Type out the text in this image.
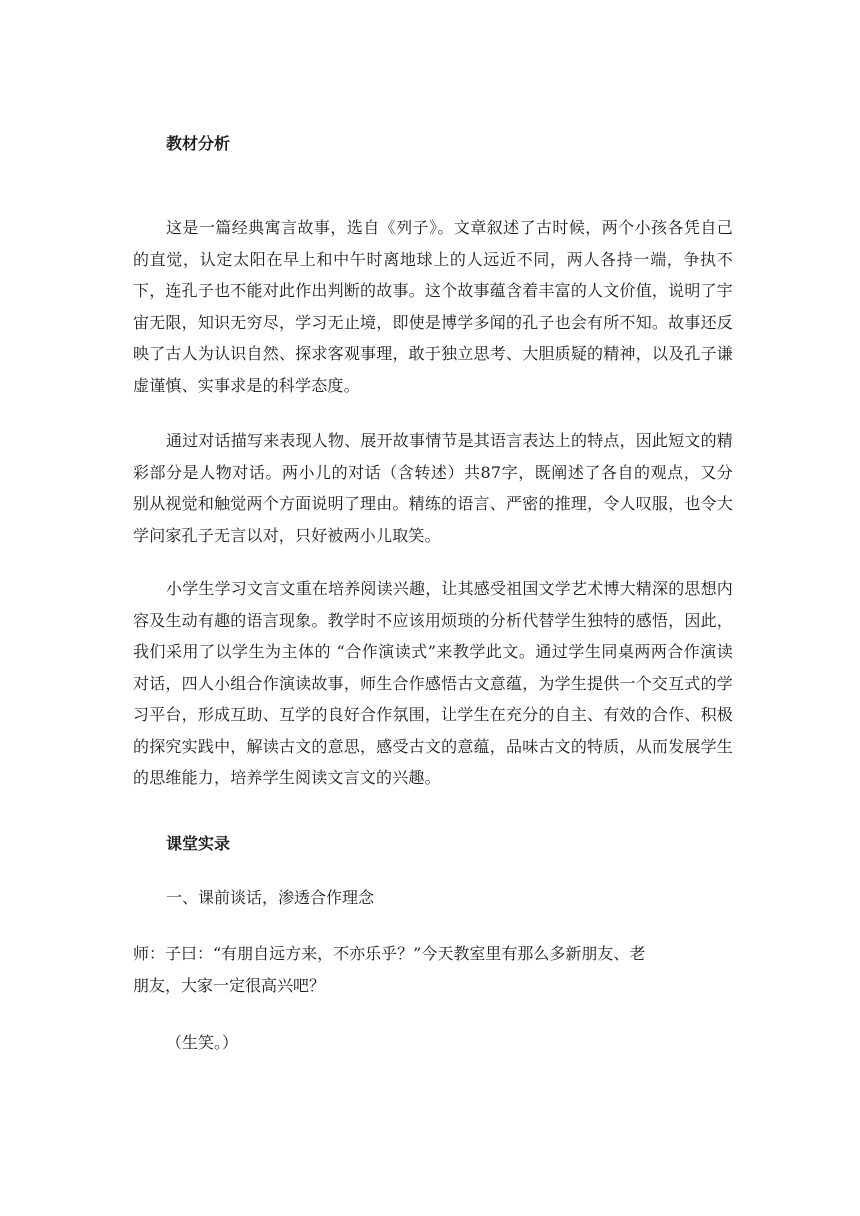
教材分析
这是一篇经典寓言故事，选自《列子》。文章叙述了古时候，两个小孩各凭自己的直觉，认定太阳在早上和中午时离地球上的人远近不同，两人各持一端，争执不下，连孔子也不能对此作出判断的故事。这个故事蕴含着丰富的人文价值，说明了宇宙无限，知识无穷尽，学习无止境，即使是博学多闻的孔子也会有所不知。故事还反映了古人为认识自然、探求客观事理，敢于独立思考、大胆质疑的精神，以及孔子谦虚谨慎、实事求是的科学态度。
通过对话描写来表现人物、展开故事情节是其语言表达上的特点，因此短文的精彩部分是人物对话。两小儿的对话（含转述）共87字，既阐述了各自的观点，又分别从视觉和触觉两个方面说明了理由。精练的语言、严密的推理，令人叹服，也令大学问家孔子无言以对，只好被两小儿取笑。
小学生学习文言文重在培养阅读兴趣，让其感受祖国文学艺术博大精深的思想内容及生动有趣的语言现象。教学时不应该用烦琐的分析代替学生独特的感悟，因此，我们采用了以学生为主体的 “合作演读式”来教学此文。通过学生同桌两两合作演读对话，四人小组合作演读故事，师生合作感悟古文意蕴，为学生提供一个交互式的学习平台，形成互助、互学的良好合作氛围，让学生在充分的自主、有效的合作、积极的探究实践中，解读古文的意思，感受古文的意蕴，品味古文的特质，从而发展学生的思维能力，培养学生阅读文言文的兴趣。
课堂实录
一、课前谈话，渗透合作理念
师：子曰：“有朋自远方来，不亦乐乎？”今天教室里有那么多新朋友、老
朋友，大家一定很高兴吧？
（生笑。）
